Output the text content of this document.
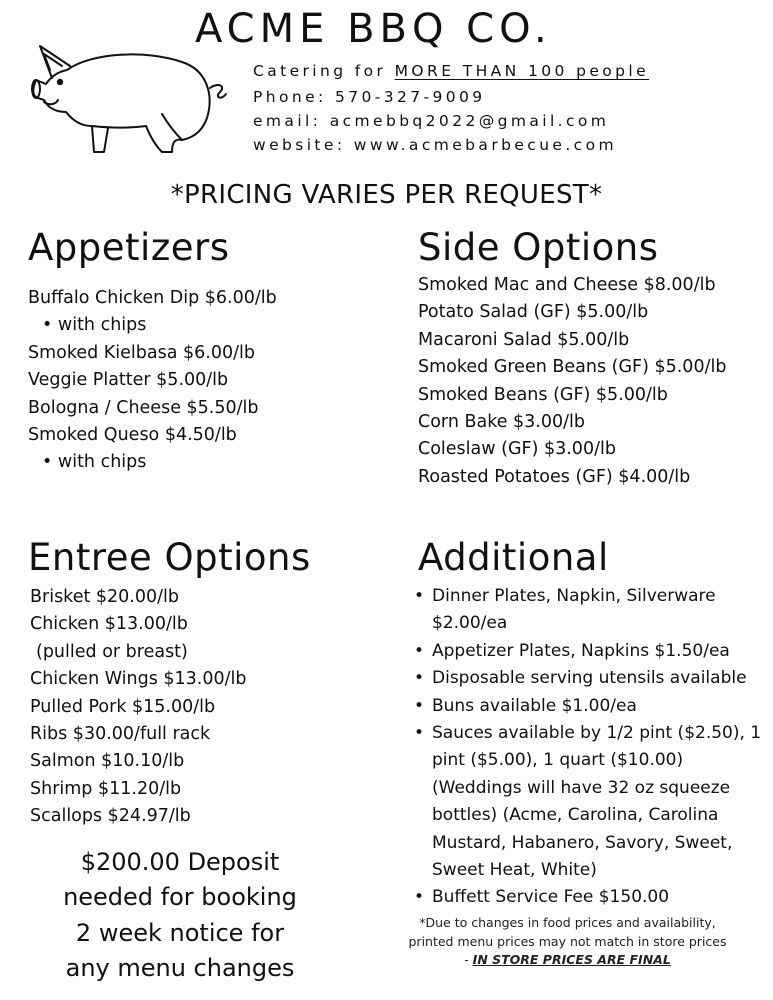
ACME BBQ CO.
Catering for MORE THAN 100 people
Phone: 570-327-9009
email: acmebbq2022@gmail.com
website: www.acmebarbecue.com
*PRICING VARIES PER REQUEST*
Appetizers
Buffalo Chicken Dip $6.00/lb
• with chips
Smoked Kielbasa $6.00/lb
Veggie Platter $5.00/lb
Bologna / Cheese $5.50/lb
Smoked Queso $4.50/lb
• with chips
Side Options
Smoked Mac and Cheese $8.00/lb
Potato Salad (GF) $5.00/lb
Macaroni Salad $5.00/lb
Smoked Green Beans (GF) $5.00/lb
Smoked Beans (GF) $5.00/lb
Corn Bake $3.00/lb
Coleslaw (GF) $3.00/lb
Roasted Potatoes (GF) $4.00/lb
Entree Options
Brisket $20.00/lb
Chicken $13.00/lb
(pulled or breast)
Chicken Wings $13.00/lb
Pulled Pork $15.00/lb
Ribs $30.00/full rack
Salmon $10.10/lb
Shrimp $11.20/lb
Scallops $24.97/lb
Additional
• Dinner Plates, Napkin, Silverware $2.00/ea
• Appetizer Plates, Napkins $1.50/ea
• Disposable serving utensils available
• Buns available $1.00/ea
• Sauces available by 1/2 pint ($2.50), 1 pint ($5.00), 1 quart ($10.00) (Weddings will have 32 oz squeeze bottles) (Acme, Carolina, Carolina Mustard, Habanero, Savory, Sweet, Sweet Heat, White)
• Buffett Service Fee $150.00
$200.00 Deposit
needed for booking
2 week notice for
any menu changes
*Due to changes in food prices and availability,
printed menu prices may not match in store prices
- IN STORE PRICES ARE FINAL
